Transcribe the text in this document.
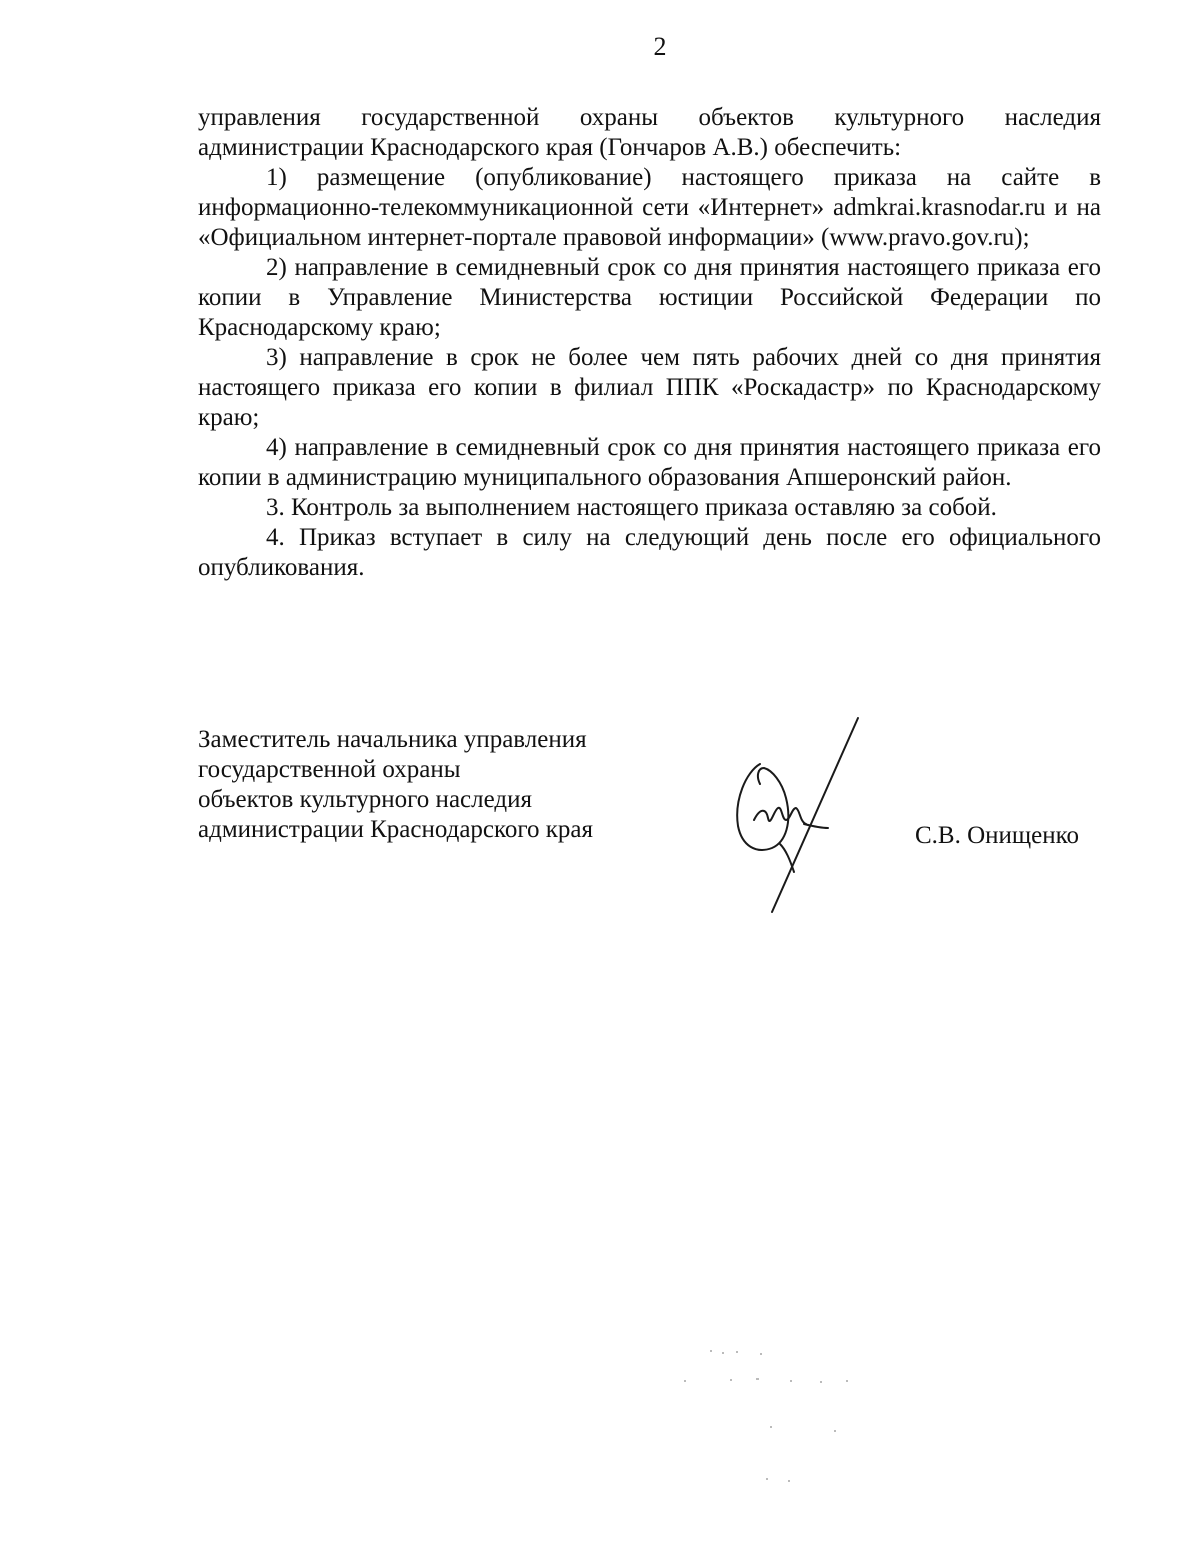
2

управления государственной охраны объектов культурного наследия администрации Краснодарского края (Гончаров А.В.) обеспечить:

1) размещение (опубликование) настоящего приказа на сайте в информационно-телекоммуникационной сети «Интернет» admkrai.krasnodar.ru и на «Официальном интернет-портале правовой информации» (www.pravo.gov.ru);

2) направление в семидневный срок со дня принятия настоящего приказа его копии в Управление Министерства юстиции Российской Федерации по Краснодарскому краю;

3) направление в срок не более чем пять рабочих дней со дня принятия настоящего приказа его копии в филиал ППК «Роскадастр» по Краснодарскому краю;

4) направление в семидневный срок со дня принятия настоящего приказа его копии в администрацию муниципального образования Апшеронский район.

3. Контроль за выполнением настоящего приказа оставляю за собой.

4. Приказ вступает в силу на следующий день после его официального опубликования.

Заместитель начальника управления
государственной охраны
объектов культурного наследия
администрации Краснодарского края	С.В. Онищенко
